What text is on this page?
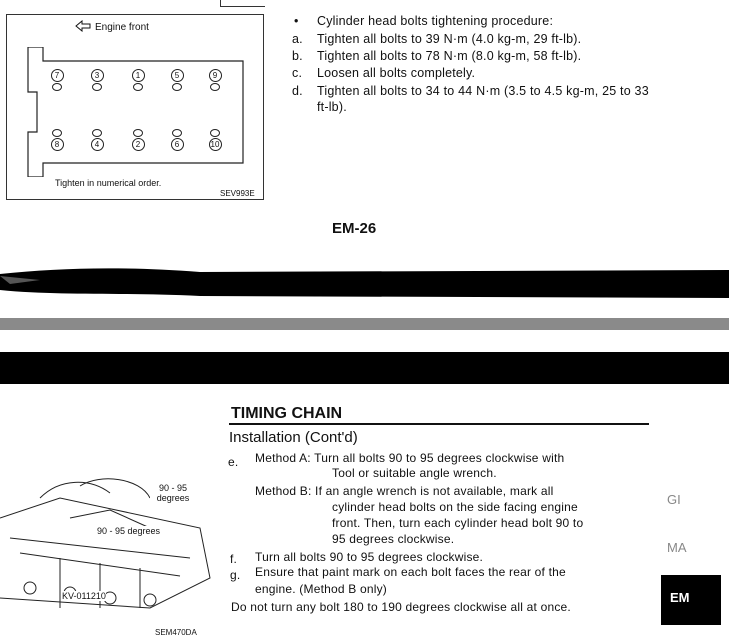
Engine front
7	3	1	5	9
8	4	2	6	10
Tighten in numerical order.
SEV993E
• Cylinder head bolts tightening procedure:
a.	Tighten all bolts to 39 N·m (4.0 kg-m, 29 ft-lb).
b.	Tighten all bolts to 78 N·m (8.0 kg-m, 58 ft-lb).
c.	Loosen all bolts completely.
d.	Tighten all bolts to 34 to 44 N·m (3.5 to 4.5 kg-m, 25 to 33
ft-lb).
EM-26
TIMING CHAIN
Installation (Cont'd)
90 - 95 degrees
90 - 95 degrees
KV-011210
SEM470DA
e. Method A: Turn all bolts 90 to 95 degrees clockwise with
Tool or suitable angle wrench.
Method B: If an angle wrench is not available, mark all
cylinder head bolts on the side facing engine
front. Then, turn each cylinder head bolt 90 to
95 degrees clockwise.
f. Turn all bolts 90 to 95 degrees clockwise.
g. Ensure that paint mark on each bolt faces the rear of the
engine. (Method B only)
Do not turn any bolt 180 to 190 degrees clockwise all at once.
GI
MA
EM
